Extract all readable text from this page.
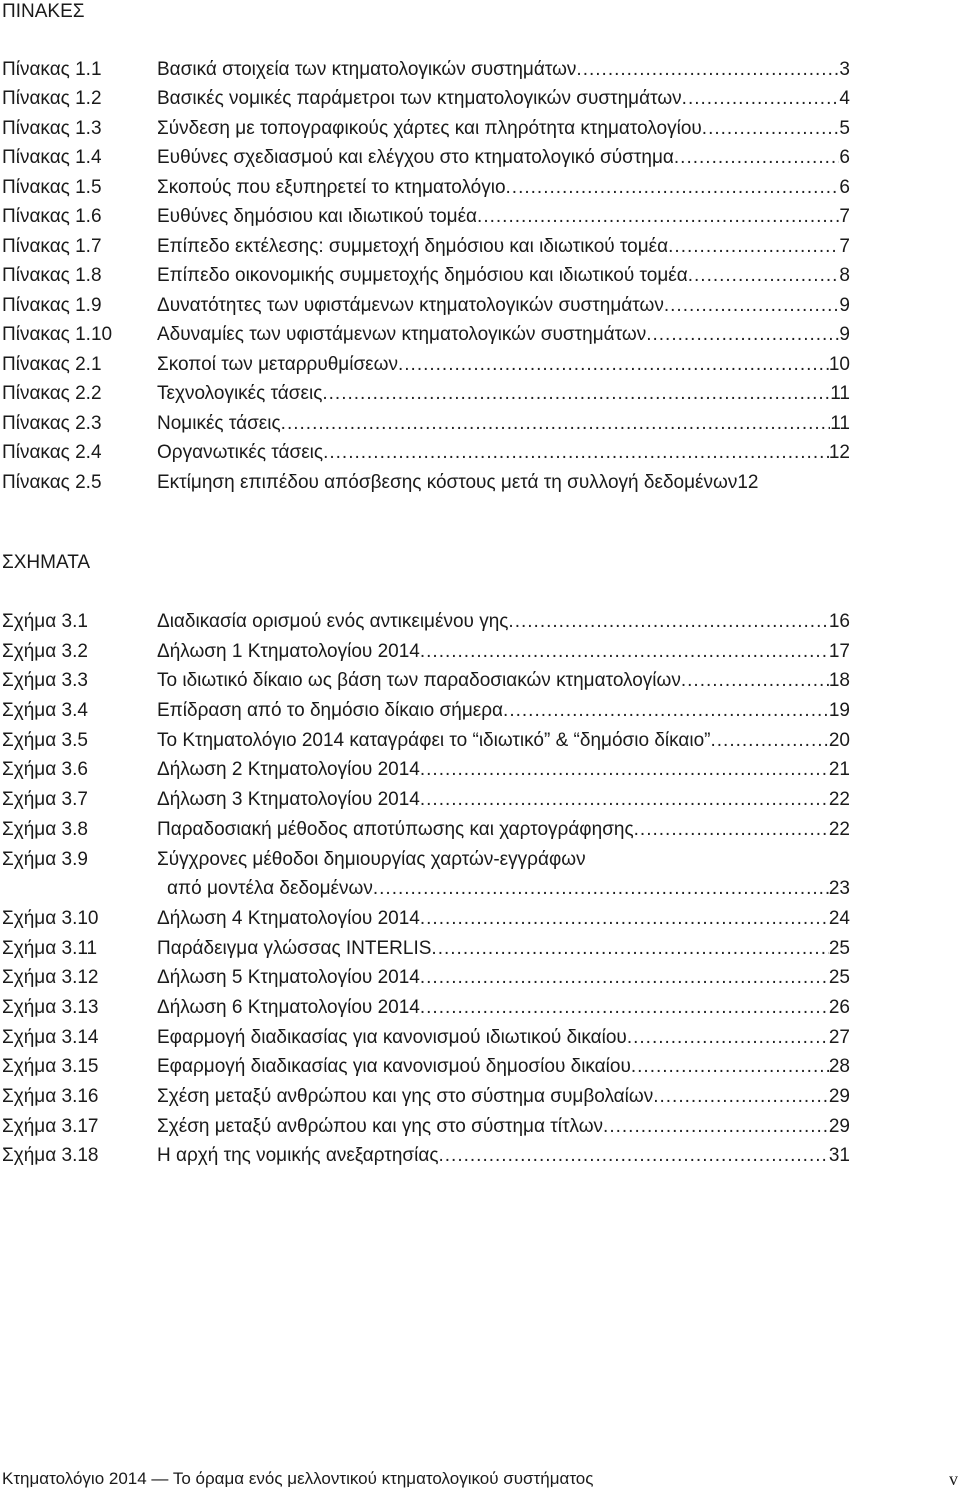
ΠΙΝΑΚΕΣ
Πίνακας 1.1	Βασικά στοιχεία των κτηματολογικών συστημάτων .....	3
Πίνακας 1.2	Βασικές νομικές παράμετροι των κτηματολογικών συστημάτων .....	4
Πίνακας 1.3	Σύνδεση με τοπογραφικούς χάρτες και πληρότητα κτηματολογίου .....	5
Πίνακας 1.4	Ευθύνες σχεδιασμού και ελέγχου στο κτηματολογικό σύστημα .....	6
Πίνακας 1.5	Σκοπούς που εξυπηρετεί το κτηματολόγιο .....	6
Πίνακας 1.6	Ευθύνες δημόσιου και ιδιωτικού τομέα .....	7
Πίνακας 1.7	Επίπεδο εκτέλεσης: συμμετοχή δημόσιου και ιδιωτικού τομέα .....	7
Πίνακας 1.8	Επίπεδο οικονομικής συμμετοχής δημόσιου και ιδιωτικού τομέα .....	8
Πίνακας 1.9	Δυνατότητες των υφιστάμενων κτηματολογικών συστημάτων .....	9
Πίνακας 1.10 Αδυναμίες των υφιστάμενων κτηματολογικών συστημάτων .....	9
Πίνακας 2.1	Σκοποί των μεταρρυθμίσεων .....	10
Πίνακας 2.2	Τεχνολογικές τάσεις .....	11
Πίνακας 2.3	Νομικές τάσεις .....	11
Πίνακας 2.4	Οργανωτικές τάσεις .....	12
Πίνακας 2.5	Εκτίμηση επιπέδου απόσβεσης κόστους μετά τη συλλογή δεδομένων 12
ΣΧΗΜΑΤΑ
Σχήμα 3.1	Διαδικασία ορισμού ενός αντικειμένου γης .....	16
Σχήμα 3.2	Δήλωση 1 Κτηματολογίου 2014 .....	17
Σχήμα 3.3	Το ιδιωτικό δίκαιο ως βάση των παραδοσιακών κτηματολογίων .....	18
Σχήμα 3.4	Επίδραση από το δημόσιο δίκαιο σήμερα .....	19
Σχήμα 3.5	Το Κτηματολόγιο 2014 καταγράφει το “ιδιωτικό” & “δημόσιο δίκαιο” .....	20
Σχήμα 3.6	Δήλωση 2 Κτηματολογίου 2014 .....	21
Σχήμα 3.7	Δήλωση 3 Κτηματολογίου 2014 .....	22
Σχήμα 3.8	Παραδοσιακή μέθοδος αποτύπωσης και χαρτογράφησης .....	22
Σχήμα 3.9	Σύγχρονες μέθοδοι δημιουργίας χαρτών-εγγράφων
από μοντέλα δεδομένων .....	23
Σχήμα 3.10	Δήλωση 4 Κτηματολογίου 2014 .....	24
Σχήμα 3.11	Παράδειγμα γλώσσας INTERLIS .....	25
Σχήμα 3.12	Δήλωση 5 Κτηματολογίου 2014 .....	25
Σχήμα 3.13	Δήλωση 6 Κτηματολογίου 2014 .....	26
Σχήμα 3.14	Εφαρμογή διαδικασίας για κανονισμού ιδιωτικού δικαίου .....	27
Σχήμα 3.15	Εφαρμογή διαδικασίας για κανονισμού δημοσίου δικαίου .....	28
Σχήμα 3.16	Σχέση μεταξύ ανθρώπου και γης στο σύστημα συμβολαίων .....	29
Σχήμα 3.17	Σχέση μεταξύ ανθρώπου και γης στο σύστημα τίτλων .....	29
Σχήμα 3.18	Η αρχή της νομικής ανεξαρτησίας .....	31
Κτηματολόγιο 2014 — Το όραμα ενός μελλοντικού κτηματολογικού συστήματος	v
